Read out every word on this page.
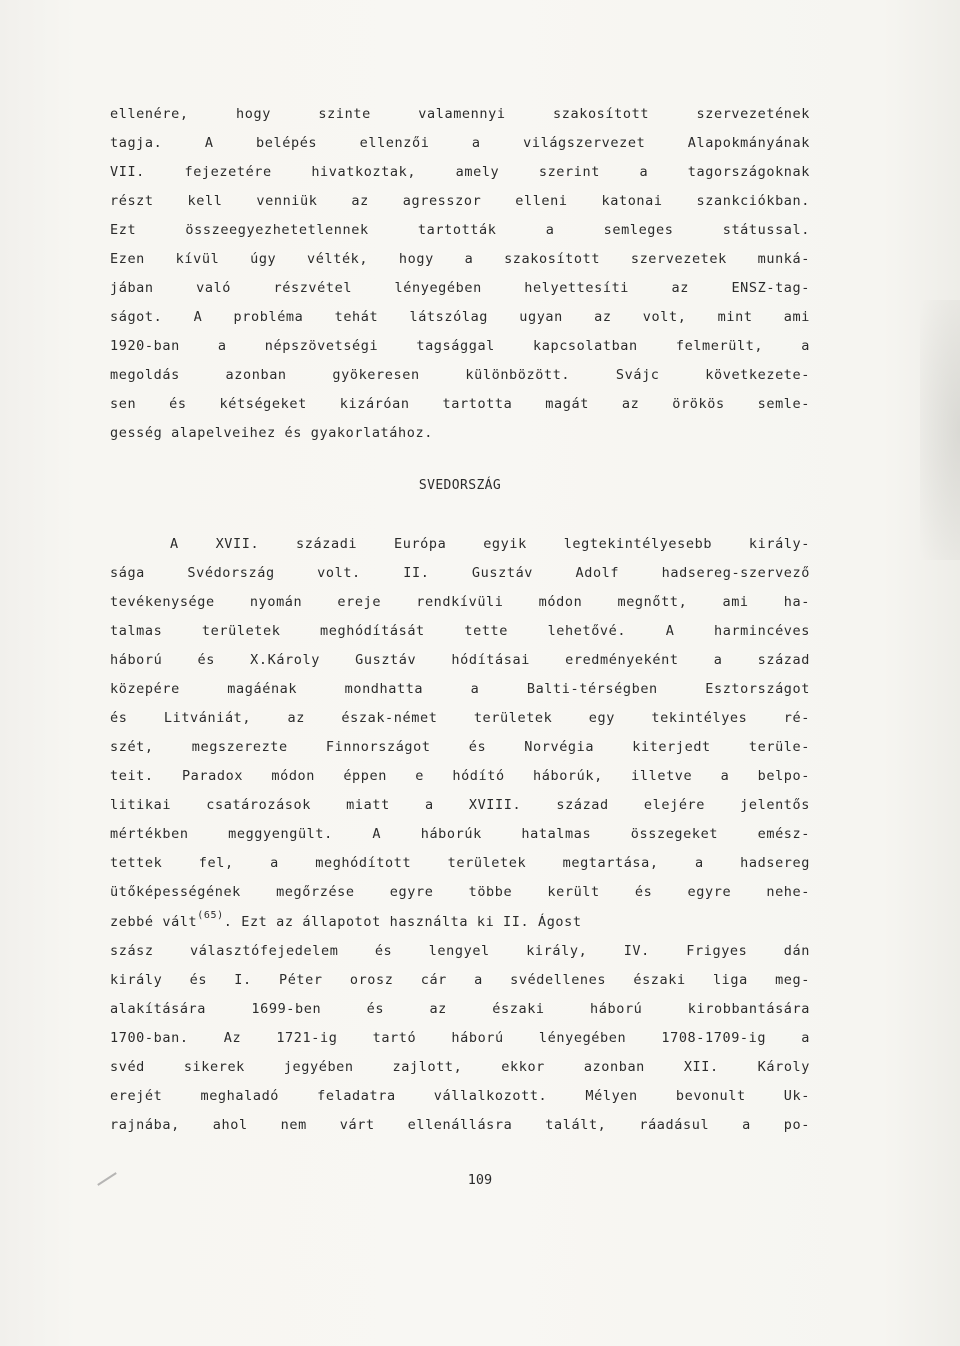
ellenére, hogy szinte valamennyi szakosított szervezetének
tagja. A belépés ellenzői a világszervezet Alapokmányának
VII. fejezetére hivatkoztak, amely szerint a tagországoknak
részt kell venniük az agresszor elleni katonai szankciókban.
Ezt összeegyezhetetlennek tartották a semleges státussal.
Ezen kívül úgy vélték, hogy a szakosított szervezetek munká-
jában való részvétel lényegében helyettesíti az ENSZ-tag-
ságot. A probléma tehát látszólag ugyan az volt, mint ami
1920-ban a népszövetségi tagsággal kapcsolatban felmerült, a
megoldás azonban gyökeresen különbözött. Svájc következete-
sen és kétségeket kizáróan tartotta magát az örökös semle-
gesség alapelveihez és gyakorlatához.
SVEDORSZÁG
A XVII. századi Európa egyik legtekintélyesebb király-
sága Svédország volt. II. Gusztáv Adolf hadsereg-szervező
tevékenysége nyomán ereje rendkívüli módon megnőtt, ami ha-
talmas területek meghódítását tette lehetővé. A harmincéves
háború és X.Károly Gusztáv hódításai eredményeként a század
közepére magáénak mondhatta a Balti-térségben Esztországot
és Litvániát, az észak-német területek egy tekintélyes ré-
szét, megszerezte Finnországot és Norvégia kiterjedt terüle-
teit. Paradox módon éppen e hódító háborúk, illetve a belpo-
litikai csatározások miatt a XVIII. század elejére jelentős
mértékben meggyengült. A háborúk hatalmas összegeket emész-
tettek fel, a meghódított területek megtartása, a hadsereg
ütőképességének megőrzése egyre többe került és egyre nehe-
zebbé vált$^{(65)}$. Ezt az állapotot használta ki II. Ágost
szász választófejedelem és lengyel király, IV. Frigyes dán
király és I. Péter orosz cár a svédellenes északi liga meg-
alakítására 1699-ben és az északi háború kirobbantására
1700-ban. Az 1721-ig tartó háború lényegében 1708-1709-ig a
svéd sikerek jegyében zajlott, ekkor azonban XII. Károly
erejét meghaladó feladatra vállalkozott. Mélyen bevonult Uk-
rajnába, ahol nem várt ellenállásra talált, ráadásul a po-
109
